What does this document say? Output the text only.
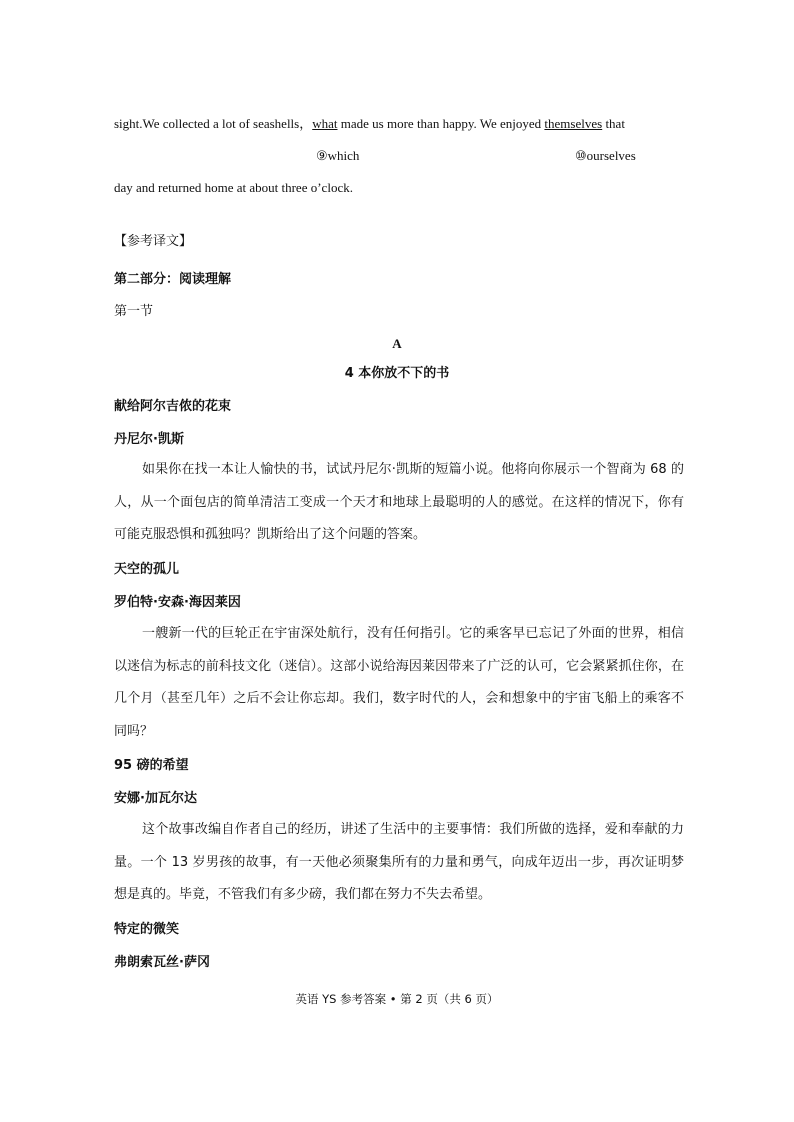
sight.We collected a lot of seashells，what made us more than happy. We enjoyed themselves that
⑨which	⑩ourselves
day and returned home at about three o’clock.
【参考译文】
第二部分：阅读理解
第一节
A
4 本你放不下的书
献给阿尔吉侬的花束
丹尼尔·凯斯

如果你在找一本让人愉快的书，试试丹尼尔·凯斯的短篇小说。他将向你展示一个智商为 68 的人，从一个面包店的简单清洁工变成一个天才和地球上最聪明的人的感觉。在这样的情况下，你有可能克服恐惧和孤独吗？凯斯给出了这个问题的答案。

天空的孤儿
罗伯特·安森·海因莱因

一艘新一代的巨轮正在宇宙深处航行，没有任何指引。它的乘客早已忘记了外面的世界，相信以迷信为标志的前科技文化（迷信）。这部小说给海因莱因带来了广泛的认可，它会紧紧抓住你，在几个月（甚至几年）之后不会让你忘却。我们，数字时代的人，会和想象中的宇宙飞船上的乘客不同吗？

95 磅的希望
安娜·加瓦尔达

这个故事改编自作者自己的经历，讲述了生活中的主要事情：我们所做的选择，爱和奉献的力量。一个 13 岁男孩的故事，有一天他必须聚集所有的力量和勇气，向成年迈出一步，再次证明梦想是真的。毕竟，不管我们有多少磅，我们都在努力不失去希望。

特定的微笑
弗朗索瓦丝·萨冈
英语 YS 参考答案 • 第 2 页（共 6 页）
